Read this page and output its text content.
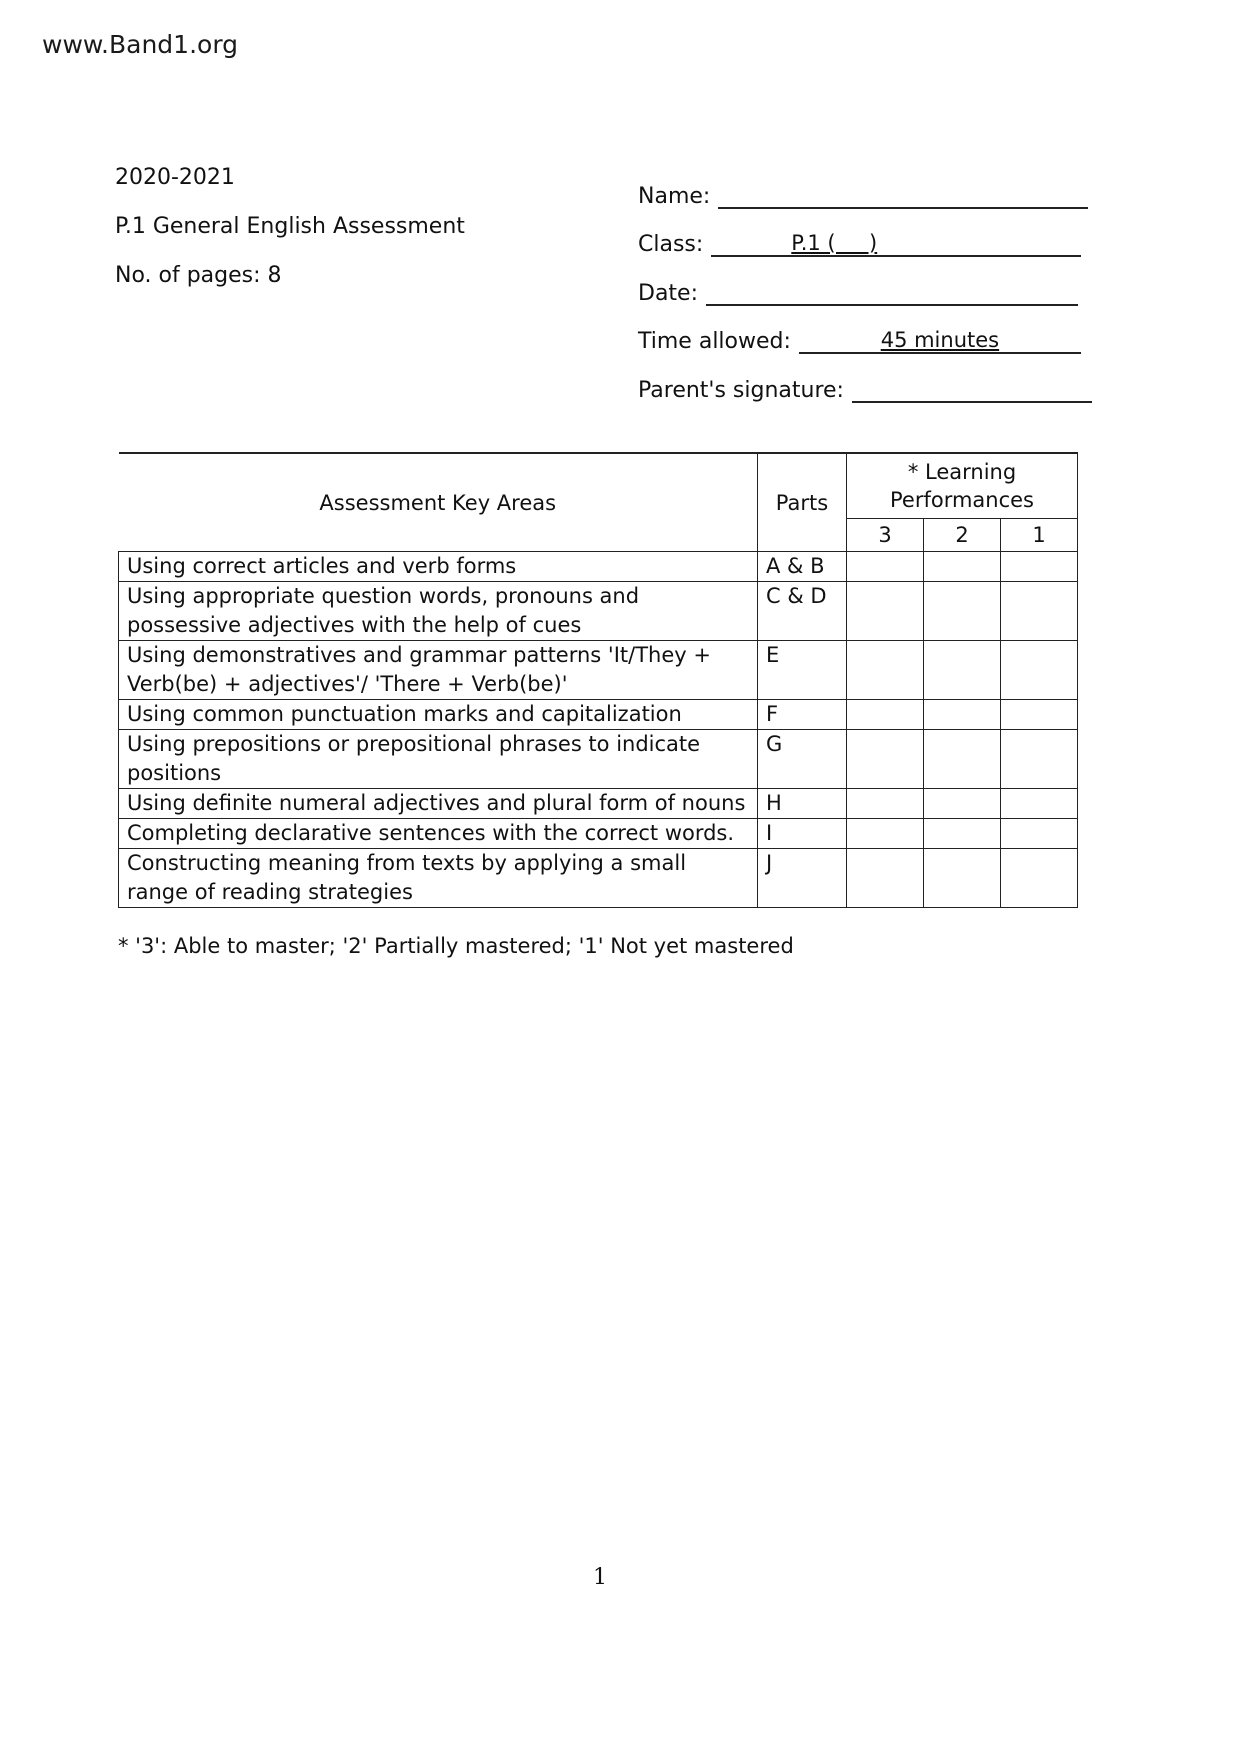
www.Band1.org
2020-2021
P.1 General English Assessment
No. of pages: 8
Name:
Class:	P.1 (     )
Date:
Time allowed:	45 minutes
Parent's signature:
Assessment Key Areas	Parts	* Learning Performances		
		3	2	1
Using correct articles and verb forms	A & B			
Using appropriate question words, pronouns and possessive adjectives with the help of cues	C & D			
Using demonstratives and grammar patterns 'It/They + Verb(be) + adjectives'/ 'There + Verb(be)'	E			
Using common punctuation marks and capitalization	F			
Using prepositions or prepositional phrases to indicate positions	G			
Using definite numeral adjectives and plural form of nouns	H			
Completing declarative sentences with the correct words.	I			
Constructing meaning from texts by applying a small range of reading strategies	J			
* '3': Able to master; '2' Partially mastered; '1' Not yet mastered
1
